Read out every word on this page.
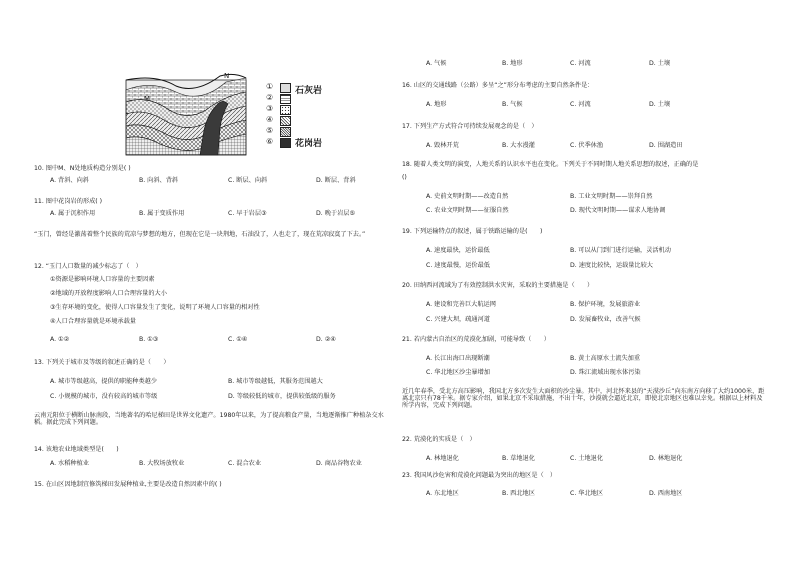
M
N
①
②
③
④
⑤
⑥
石灰岩
花岗岩
10. 图中M、N处地质构造分别是( )
A. 背斜、向斜	B. 向斜、背斜	C. 断层、向斜	D. 断层、背斜
11. 图中花岗岩的形成( )
A. 属于沉积作用	B. 属于变质作用	C. 早于岩层③	D. 晚于岩层⑤
“玉门，曾经是激荡着整个民族的荒凉与梦想的地方，但现在它是一块荆地，石油没了，人也走了，现在荒凉寂寞了下去。”
12. “玉门人口数量的减少标志了（　）
①资源是影响环境人口容量的主要因素
②地域的开放程度影响人口合理容量的大小
③生存环境的变化，使得人口容量发生了变化，说明了环境人口容量的相对性
④人口合理容量就是环境承载量
A. ①②	B. ①③	C. ①④	D. ②④
13. 下列关于城市及等级的叙述正确的是（　　）
A. 城市等级越高，提供的职能种类越少	B. 城市等级越低，其服务范围越大
C. 小规模的城市，没有较高的城市等级	D. 等级较低的城市，提供较低级的服务
云南元阳位于横断山脉南段，当地著名的哈尼梯田是世界文化遗产。1980年以来，为了提高粮食产量，当地逐渐推广种植杂交水稻。据此完成下列问题。
14. 该地农业地域类型是(　　)
A. 水稻种植业	B. 大牧场放牧业	C. 混合农业	D. 商品谷物农业
15. 在山区因地制宜修筑梯田发展种植业,主要是改造自然因素中的( )
A. 气候	B. 地形	C. 河流	D. 土壤
16. 山区的交通线路（公路）多呈“之”形分布考虑的主要自然条件是：
A. 地形	B. 气候	C. 河流	D. 土壤
17. 下列生产方式符合可持续发展观念的是（　）
A. 毁林开荒	B. 大水漫灌	C. 伏季休渔	D. 围湖造田
18. 随着人类文明的演变，人地关系的认识水平也在变化。下列关于不同时期人地关系思想的叙述，正确的是
()
A. 史前文明时期——改造自然	B. 工业文明时期——崇拜自然
C. 农业文明时期——征服自然	D. 现代文明时期——谋求人地协调
19. 下列运输特点的叙述，属于铁路运输的是(　　)
A. 速度最快，运价最低	B. 可以从门到门进行运输，灵活机动
C. 速度最慢，运价最低	D. 速度比较快，运载量比较大
20. 田纳西河流域为了有效控制洪水灾害，采取的主要措施是（　　）
A. 建设和完善巨大航运网	B. 保护环境，发展旅游业
C. 兴建大坝，疏通河道	D. 发展畜牧业，改善气候
21. 若内蒙古自治区的荒漠化加剧，可能导致（　　）
A. 长江出海口出现断潮	B. 黄土高原水土流失加重
C. 华北地区沙尘暴增加	D. 珠江流域出现水体污染
近几年春季，受北方高压影响，我国北方多次发生大面积的沙尘暴。其中，河北怀来县的“天漠沙丘”向东南方向移了大约1000米，距离北京只有78千米。据专家介绍，如果北京不采取措施，不出十年，沙漠就会逼近北京，即使北京地区也难以幸免。根据以上材料及所学内容，完成下列问题。
22. 荒漠化的实质是（　）
A. 林地退化	B. 草地退化	C. 土地退化	D. 林地退化
23. 我国风沙危害和荒漠化问题最为突出的地区是（　）
A. 东北地区	B. 西北地区	C. 华北地区	D. 西南地区
